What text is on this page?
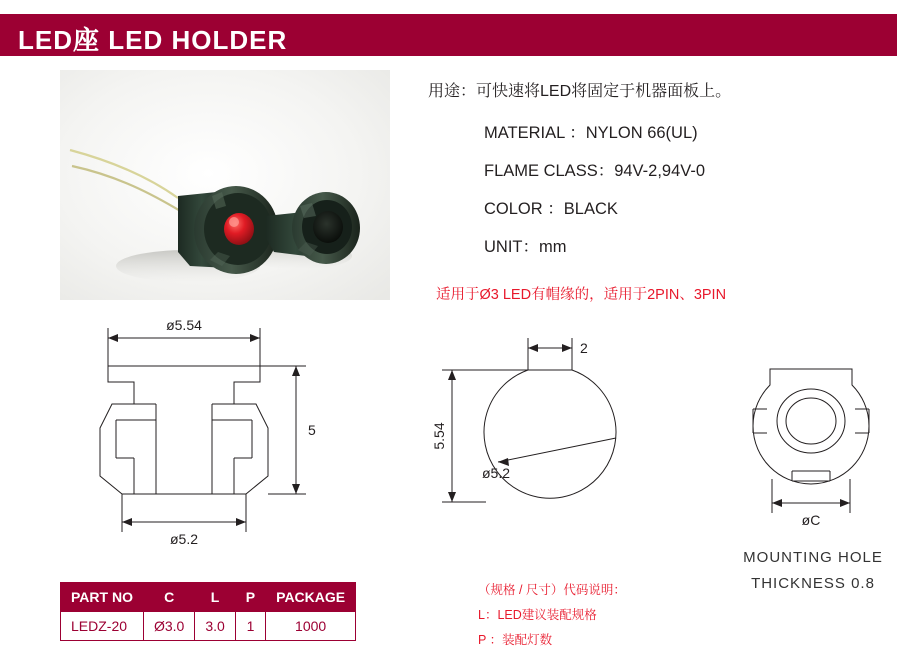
LED座 LED HOLDER
用途：可快速将LED将固定于机器面板上。
MATERIAL ：NYLON 66(UL)
FLAME CLASS：94V-2,94V-0
COLOR ：BLACK
UNIT：mm
适用于Ø3 LED有帽缘的，适用于2PIN、3PIN
ø5.54
5
ø5.2
2
ø5.2
5.54
øC
MOUNTING HOLE
THICKNESS 0.8
PART NO	C	L	P	PACKAGE
LEDZ-20	Ø3.0	3.0	1	1000
（规格 / 尺寸）代码说明：
L：LED建议装配规格
P ：装配灯数
